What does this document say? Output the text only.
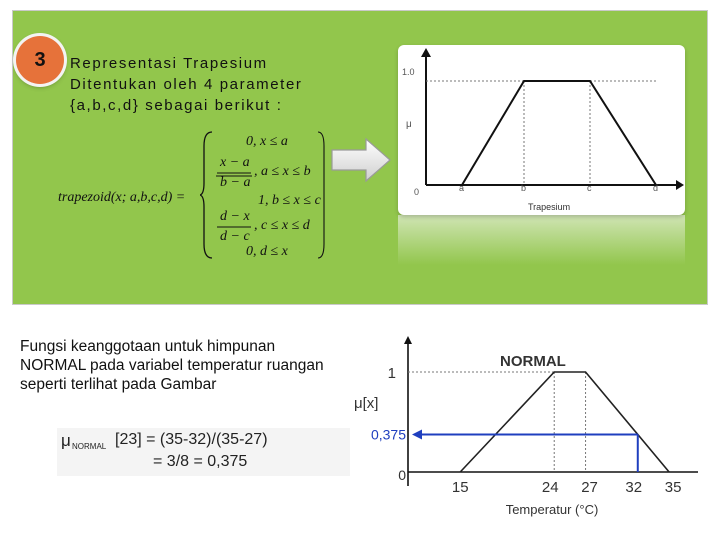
3	Representasi Trapesium
Ditentukan oleh 4 parameter
{a,b,c,d} sebagai berikut :
trapezoid(x; a,b,c,d) =
0, x ≤ a
x − a
b − a
, a ≤ x ≤ b
1, b ≤ x ≤ c
d − x
d − c
, c ≤ x ≤ d
0, d ≤ x
1.0
μ
0	a	b	c	d
Trapesium
Fungsi keanggotaan untuk himpunan NORMAL pada variabel temperatur ruangan seperti terlihat pada Gambar
μ NORMAL [23] = (35-32)/(35-27)
= 3/8 = 0,375
NORMAL
1
0,375
0
μ[x]
15	24 27 32 35
Temperatur (°C)
